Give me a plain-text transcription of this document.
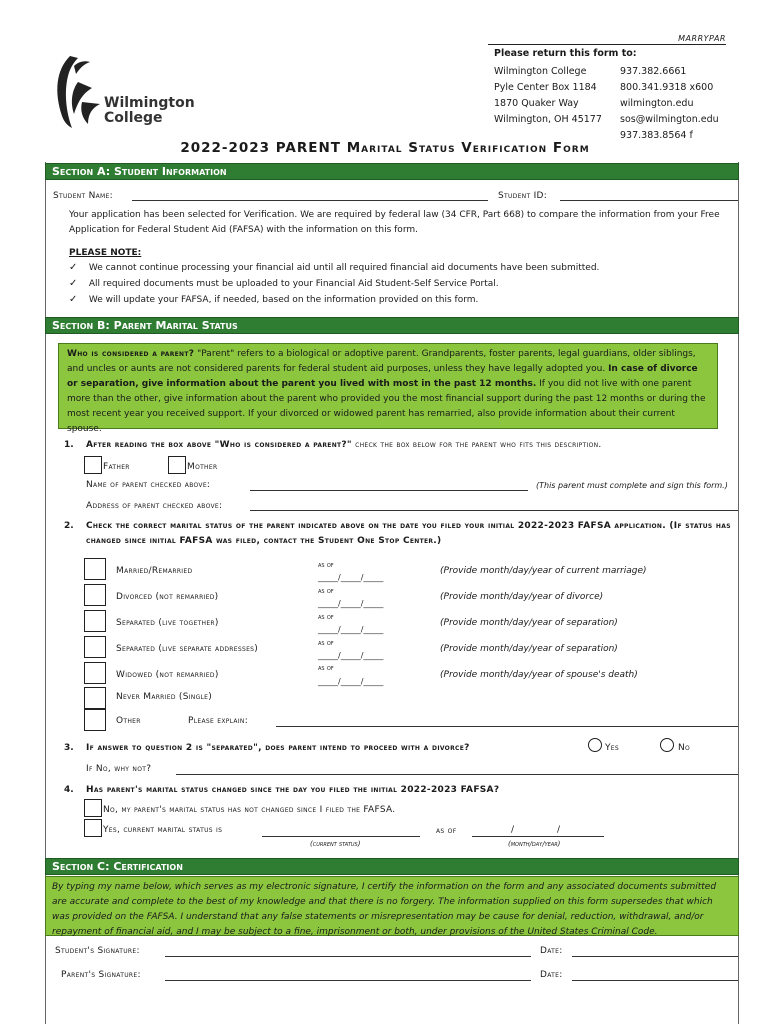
MARRYPAR
Please return this form to:
Wilmington College
Pyle Center Box 1184
1870 Quaker Way
Wilmington, OH 45177
937.382.6661
800.341.9318 x600
wilmington.edu
sos@wilmington.edu
937.383.8564 f
Wilmington
College
2022-2023 PARENT Marital Status Verification Form
Section A: Student Information
Student Name:	Student ID:
Your application has been selected for Verification. We are required by federal law (34 CFR, Part 668) to compare the information from your Free Application for Federal Student Aid (FAFSA) with the information on this form.
PLEASE NOTE:
✓ We cannot continue processing your financial aid until all required financial aid documents have been submitted.
✓ All required documents must be uploaded to your Financial Aid Student-Self Service Portal.
✓ We will update your FAFSA, if needed, based on the information provided on this form.
Section B: Parent Marital Status
Who is considered a parent? "Parent" refers to a biological or adoptive parent. Grandparents, foster parents, legal guardians, older siblings, and uncles or aunts are not considered parents for federal student aid purposes, unless they have legally adopted you. In case of divorce or separation, give information about the parent you lived with most in the past 12 months. If you did not live with one parent more than the other, give information about the parent who provided you the most financial support during the past 12 months or during the most recent year you received support. If your divorced or widowed parent has remarried, also provide information about their current spouse.
1. After reading the box above "Who is considered a parent?" check the box below for the parent who fits this description.
Father	Mother
Name of parent checked above:	(This parent must complete and sign this form.)
Address of parent checked above:
2. Check the correct marital status of the parent indicated above on the date you filed your initial 2022-2023 FAFSA application. (If status has changed since initial FAFSA was filed, contact the Student One Stop Center.)
Married/Remarried
as of
_____/_____/_____
(Provide month/day/year of current marriage)
Divorced (not remarried)
as of
_____/_____/_____
(Provide month/day/year of divorce)
Separated (live together)
as of
_____/_____/_____
(Provide month/day/year of separation)
Separated (live separate addresses)
as of
_____/_____/_____
(Provide month/day/year of separation)
Widowed (not remarried)
as of
_____/_____/_____
(Provide month/day/year of spouse's death)
Never Married (Single)
Other	Please explain:
3. If answer to question 2 is "separated", does parent intend to proceed with a divorce?	Yes	No
If No, why not?
4. Has parent's marital status changed since the day you filed the initial 2022-2023 FAFSA?
No, my parent's marital status has not changed since I filed the FAFSA.
Yes, current marital status is
(current status)
as of	/	/
(month/day/year)
Section C: Certification
By typing my name below, which serves as my electronic signature, I certify the information on the form and any associated documents submitted are accurate and complete to the best of my knowledge and that there is no forgery. The information supplied on this form supersedes that which was provided on the FAFSA. I understand that any false statements or misrepresentation may be cause for denial, reduction, withdrawal, and/or repayment of financial aid, and I may be subject to a fine, imprisonment or both, under provisions of the United States Criminal Code.
Student's Signature:	Date:
Parent's Signature:	Date:
